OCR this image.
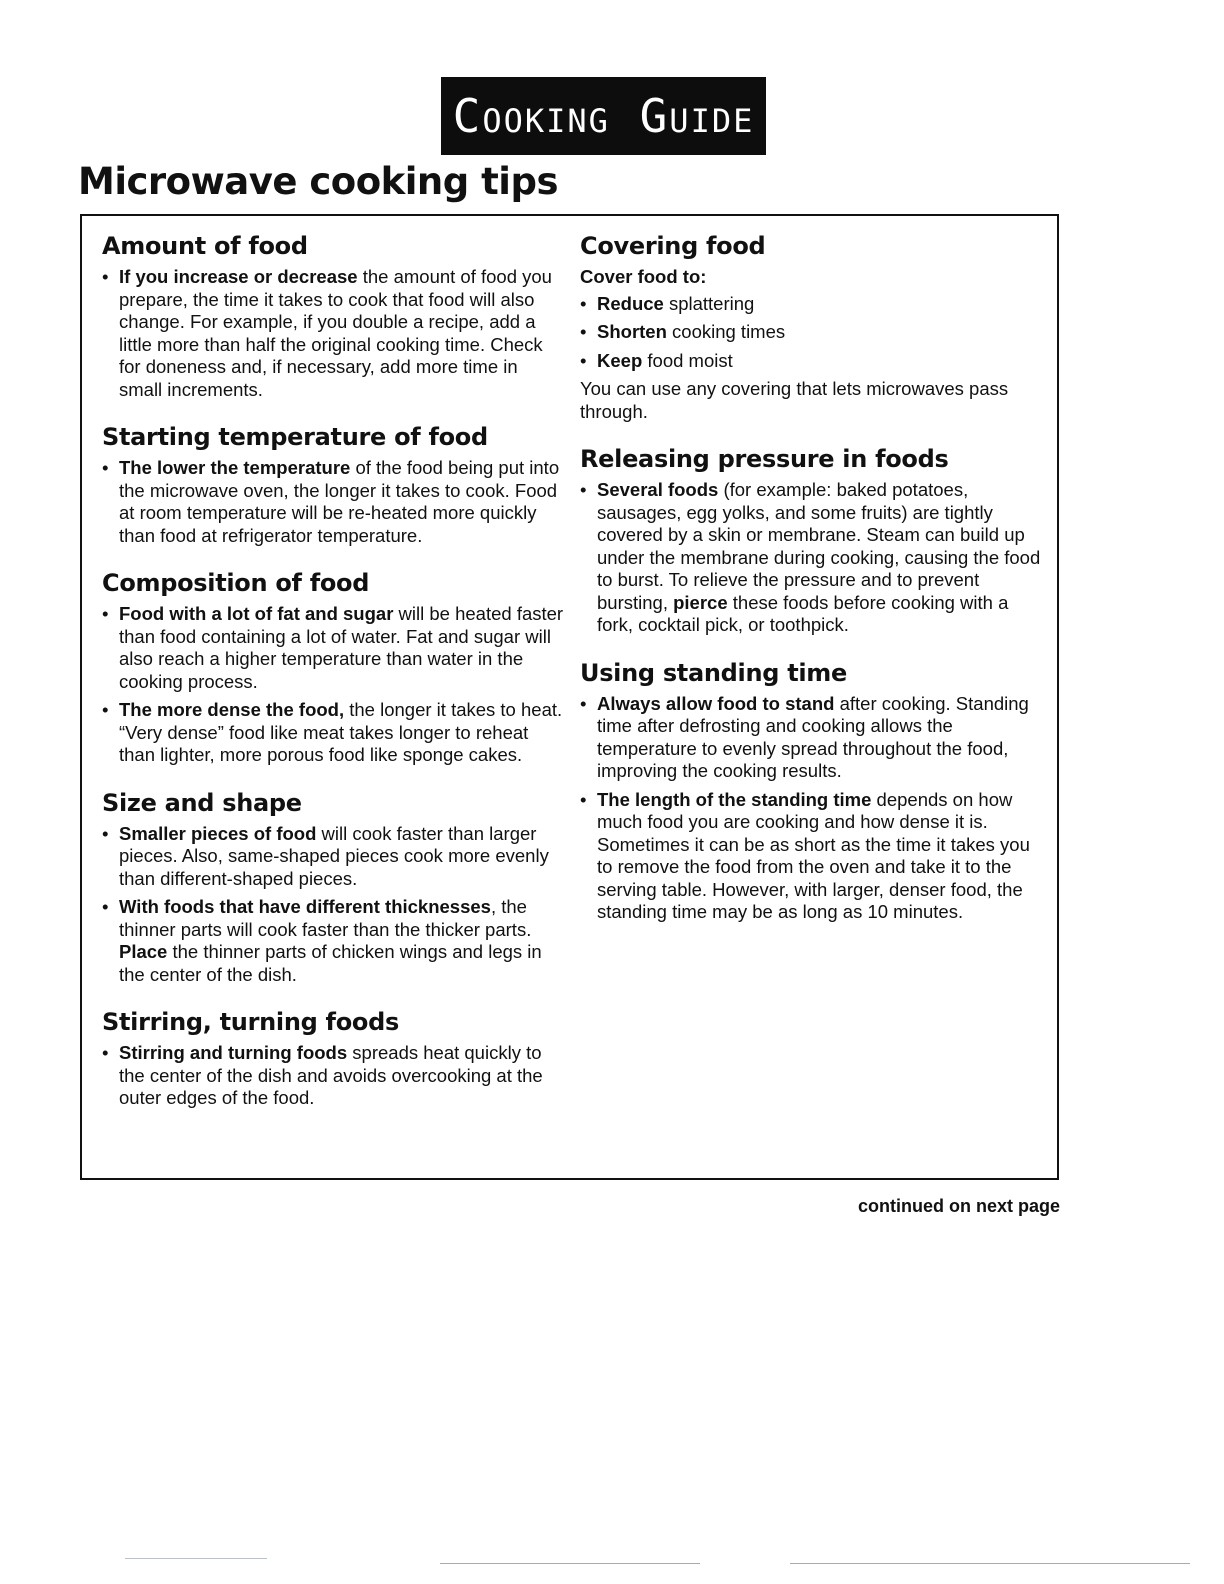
Cooking Guide
Microwave cooking tips
Amount of food
• If you increase or decrease the amount of food you prepare, the time it takes to cook that food will also change. For example, if you double a recipe, add a little more than half the original cooking time. Check for doneness and, if necessary, add more time in small increments.
Starting temperature of food
• The lower the temperature of the food being put into the microwave oven, the longer it takes to cook. Food at room temperature will be re-heated more quickly than food at refrigerator temperature.
Composition of food
• Food with a lot of fat and sugar will be heated faster than food containing a lot of water. Fat and sugar will also reach a higher temperature than water in the cooking process.
• The more dense the food, the longer it takes to heat. “Very dense” food like meat takes longer to reheat than lighter, more porous food like sponge cakes.
Size and shape
• Smaller pieces of food will cook faster than larger pieces. Also, same-shaped pieces cook more evenly than different-shaped pieces.
• With foods that have different thicknesses, the thinner parts will cook faster than the thicker parts. Place the thinner parts of chicken wings and legs in the center of the dish.
Stirring, turning foods
• Stirring and turning foods spreads heat quickly to the center of the dish and avoids overcooking at the outer edges of the food.
Covering food

Cover food to:

• Reduce splattering
• Shorten cooking times
• Keep food moist

You can use any covering that lets microwaves pass through.

Releasing pressure in foods
• Several foods (for example: baked potatoes, sausages, egg yolks, and some fruits) are tightly covered by a skin or membrane. Steam can build up under the membrane during cooking, causing the food to burst. To relieve the pressure and to prevent bursting, pierce these foods before cooking with a fork, cocktail pick, or toothpick.
Using standing time
• Always allow food to stand after cooking. Standing time after defrosting and cooking allows the temperature to evenly spread throughout the food, improving the cooking results.
• The length of the standing time depends on how much food you are cooking and how dense it is. Sometimes it can be as short as the time it takes you to remove the food from the oven and take it to the serving table. However, with larger, denser food, the standing time may be as long as 10 minutes.
continued on next page
